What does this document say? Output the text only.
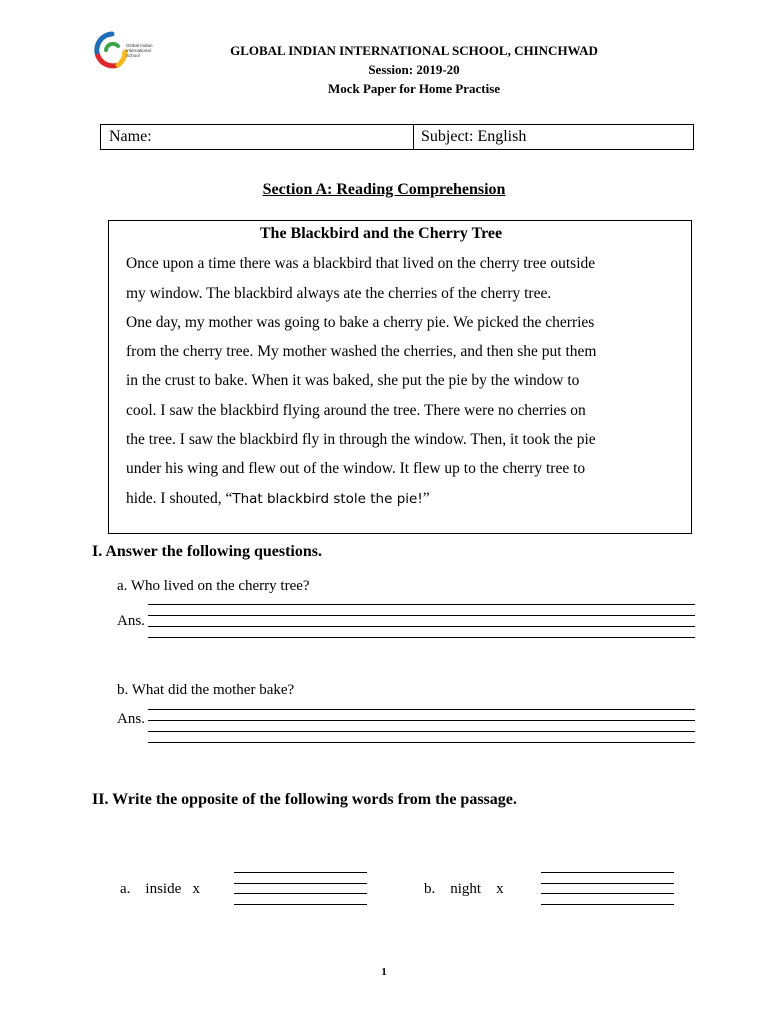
Global Indian International School	GLOBAL INDIAN INTERNATIONAL SCHOOL, CHINCHWAD
Session: 2019-20
Mock Paper for Home Practise
Name:	Subject: English
Section A: Reading Comprehension
The Blackbird and the Cherry Tree
Once upon a time there was a blackbird that lived on the cherry tree outside
my window. The blackbird always ate the cherries of the cherry tree.
One day, my mother was going to bake a cherry pie. We picked the cherries
from the cherry tree. My mother washed the cherries, and then she put them
in the crust to bake. When it was baked, she put the pie by the window to
cool. I saw the blackbird flying around the tree. There were no cherries on
the tree. I saw the blackbird fly in through the window. Then, it took the pie
under his wing and flew out of the window. It flew up to the cherry tree to
hide. I shouted, “That blackbird stole the pie!”
I. Answer the following questions.
a. Who lived on the cherry tree?
Ans.
b. What did the mother bake?
Ans.
II. Write the opposite of the following words from the passage.
a. inside x	b. night x
1
